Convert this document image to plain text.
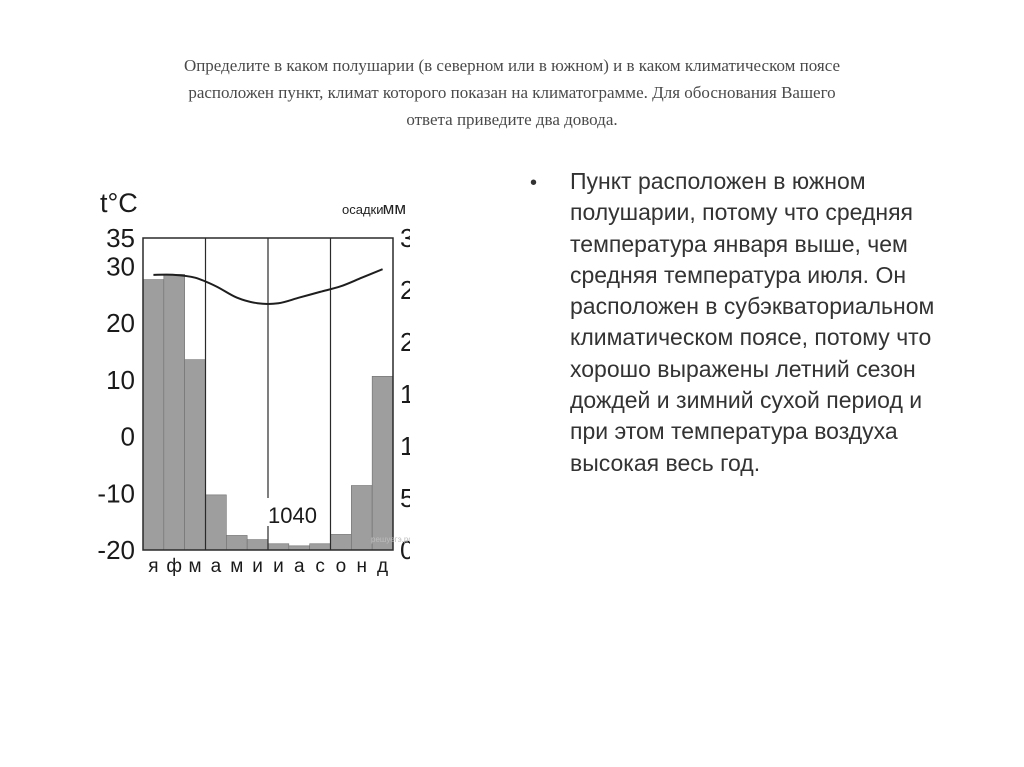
Определите в каком полушарии (в северном или в южном) и в каком климатическом поясе
расположен пункт, климат которого показан на климатограмме. Для обоснования Вашего
ответа приведите два довода.
35
30
20
10
0
-10
-20
3
2
2
1
1
5
0
я ф м а м и и а с о н д
t°C	осадки мм
1040
решуегэ.р
• Пункт расположен в южном полушарии, потому что средняя температура января выше, чем средняя температура июля. Он расположен в субэкваториальном климатическом поясе, потому что хорошо выражены летний сезон дождей и зимний сухой период и при этом температура воздуха высокая весь год.
